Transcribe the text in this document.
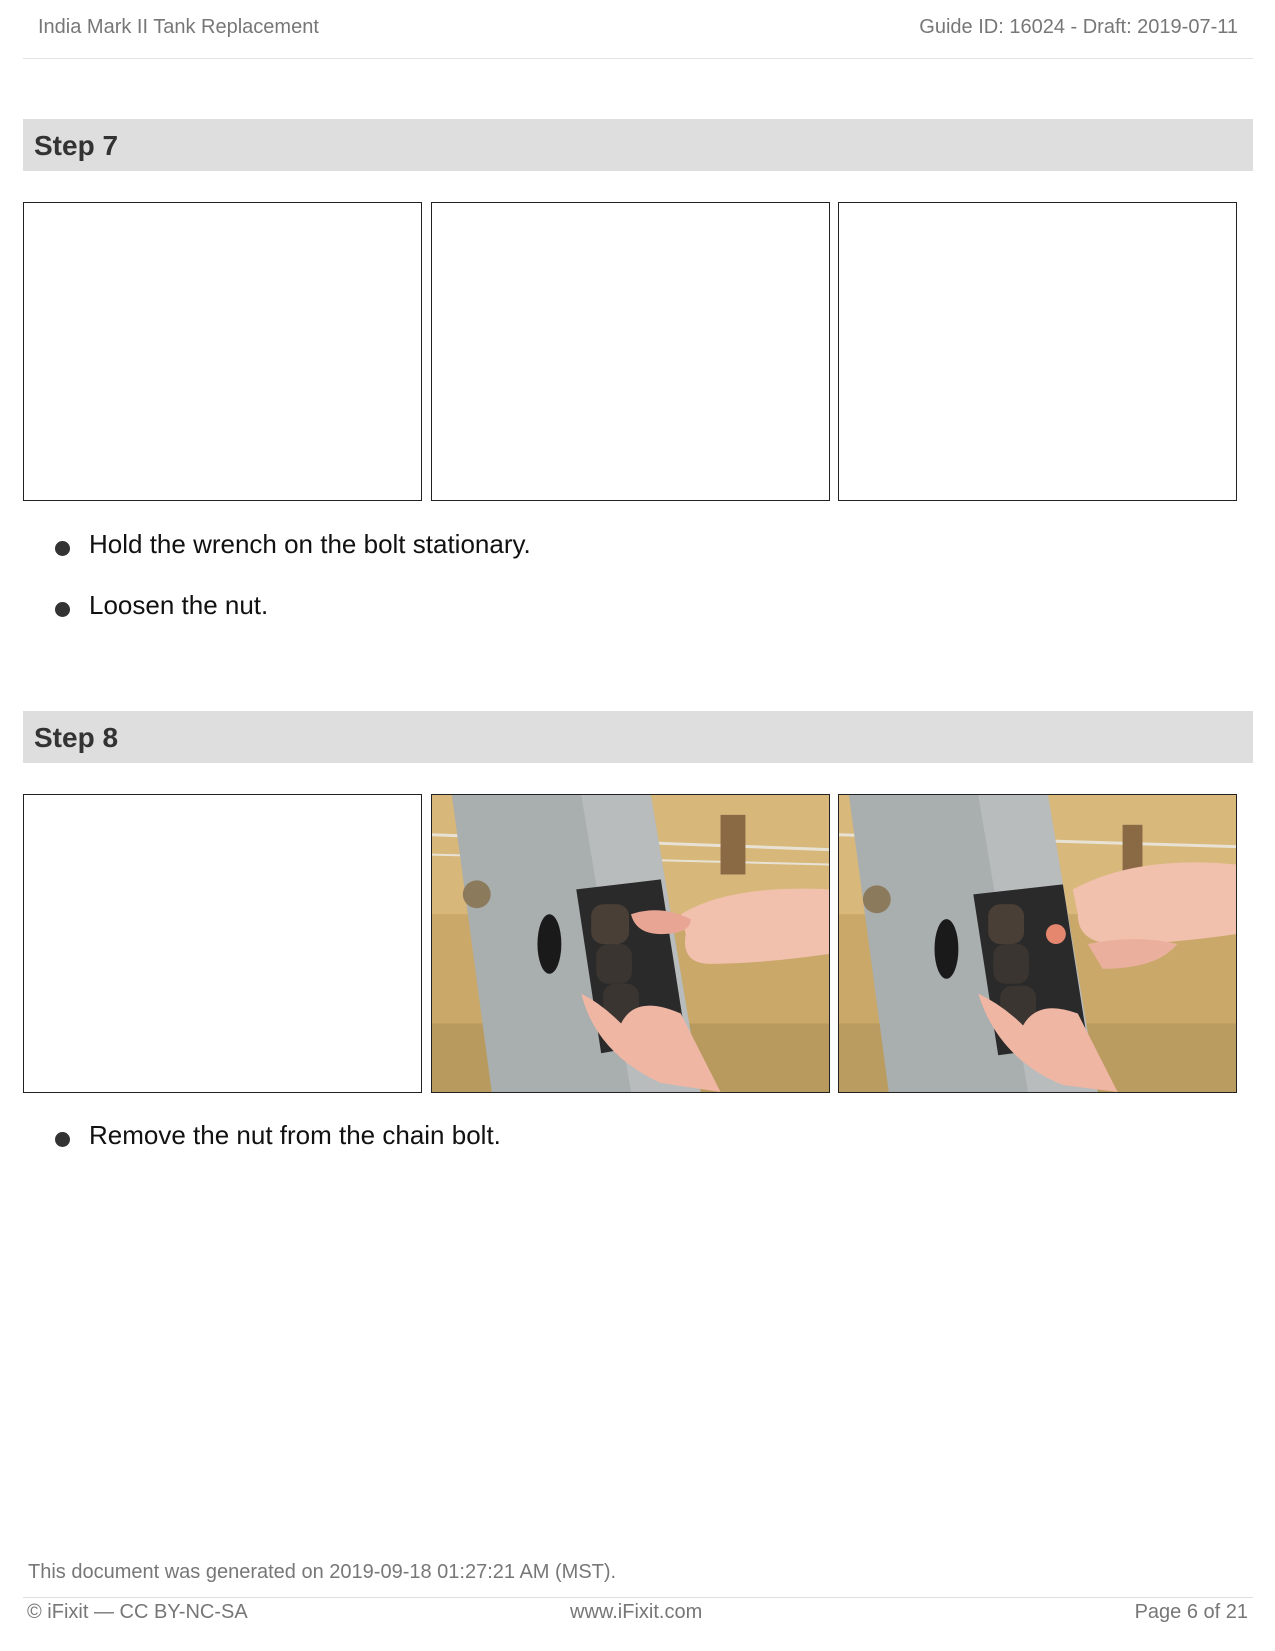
India Mark II Tank Replacement	Guide ID: 16024 - Draft: 2019-07-11
Step 7
Hold the wrench on the bolt stationary.
Loosen the nut.
Step 8
Remove the nut from the chain bolt.
This document was generated on 2019-09-18 01:27:21 AM (MST).
© iFixit — CC BY-NC-SA	www.iFixit.com	Page 6 of 21
